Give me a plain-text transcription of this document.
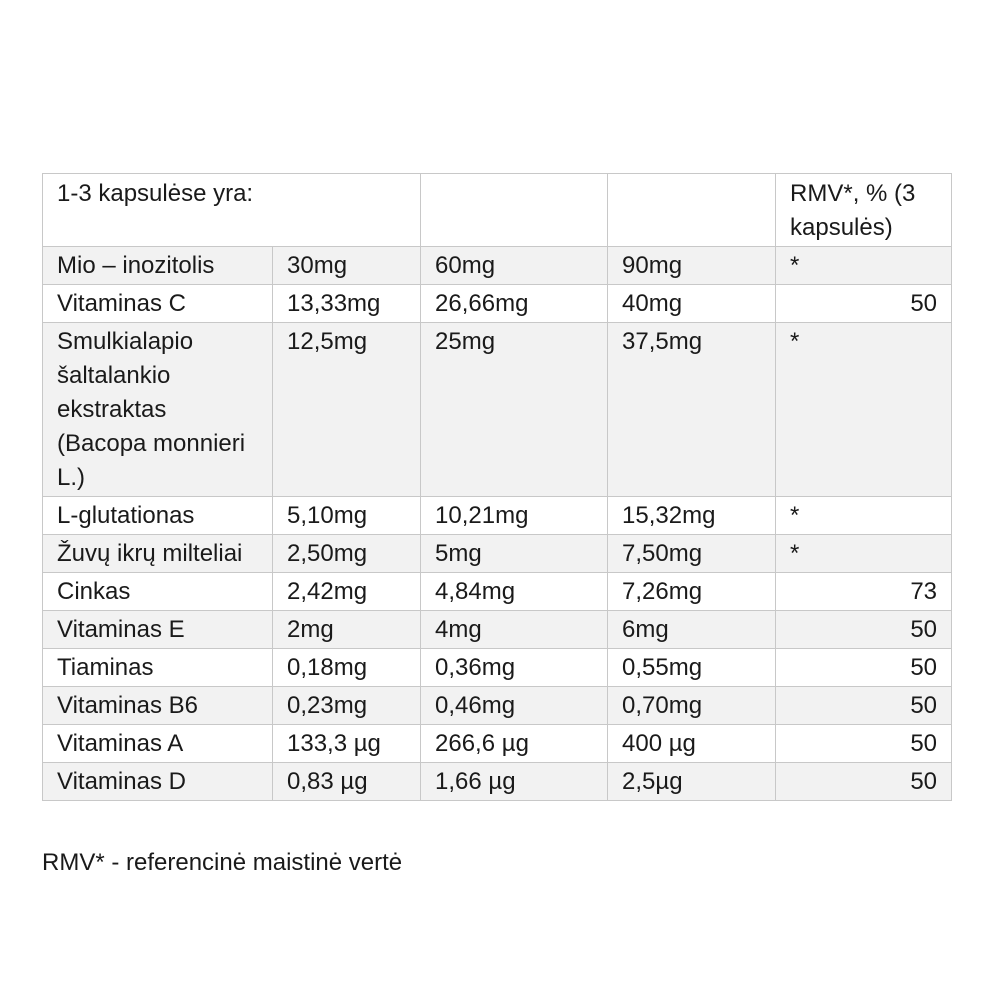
1-3 kapsulėse yra:				RMV*, % (3 kapsulės)
Mio – inozitolis	30mg	60mg	90mg	*
Vitaminas C	13,33mg	26,66mg	40mg	50
Smulkialapio šaltalankio ekstraktas (Bacopa monnieri L.)	12,5mg	25mg	37,5mg	*
L-glutationas	5,10mg	10,21mg	15,32mg	*
Žuvų ikrų milteliai	2,50mg	5mg	7,50mg	*
Cinkas	2,42mg	4,84mg	7,26mg	73
Vitaminas E	2mg	4mg	6mg	50
Tiaminas	0,18mg	0,36mg	0,55mg	50
Vitaminas B6	0,23mg	0,46mg	0,70mg	50
Vitaminas A	133,3 µg	266,6 µg	400 µg	50
Vitaminas D	0,83 µg	1,66 µg	2,5µg	50
RMV* - referencinė maistinė vertė
